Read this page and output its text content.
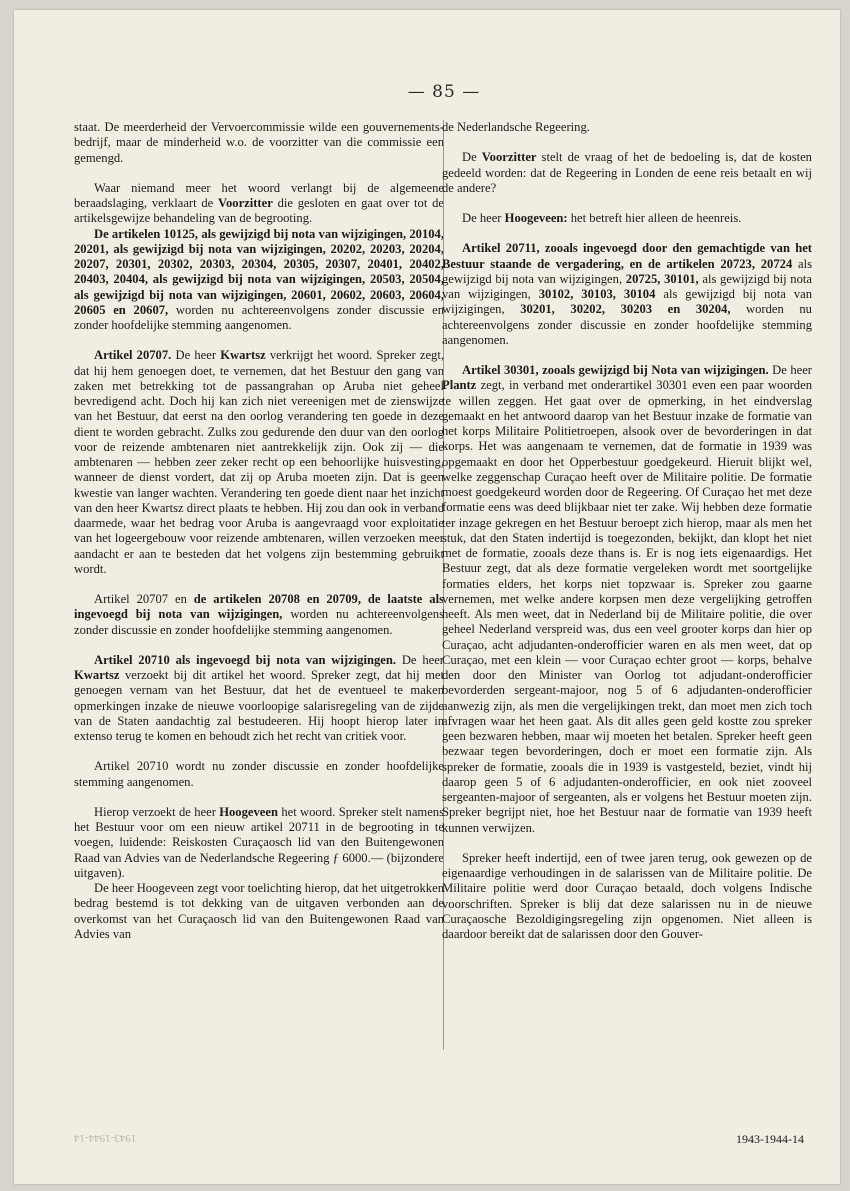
— 85 —

staat. De meerderheid der Vervoercommissie wilde een gouvernements-bedrijf, maar de minderheid w.o. de voorzitter van die commissie een gemengd.

Waar niemand meer het woord verlangt bij de algemeene beraadslaging, verklaart de Voorzitter die gesloten en gaat over tot de artikelsgewijze behandeling van de begrooting.

De artikelen 10125, als gewijzigd bij nota van wijzigingen, 20104, 20201, als gewijzigd bij nota van wijzigingen, 20202, 20203, 20204, 20207, 20301, 20302, 20303, 20304, 20305, 20307, 20401, 20402, 20403, 20404, als gewijzigd bij nota van wijzigingen, 20503, 20504, als gewijzigd bij nota van wijzigingen, 20601, 20602, 20603, 20604, 20605 en 20607, worden nu achtereenvolgens zonder discussie en zonder hoofdelijke stemming aangenomen.

Artikel 20707. De heer Kwartsz verkrijgt het woord. Spreker zegt, dat hij hem genoegen doet, te vernemen, dat het Bestuur den gang van zaken met betrekking tot de passangrahan op Aruba niet geheel bevredigend acht. Doch hij kan zich niet vereenigen met de zienswijze van het Bestuur, dat eerst na den oorlog verandering ten goede in deze dient te worden gebracht. Zulks zou gedurende den duur van den oorlog voor de reizende ambtenaren niet aantrekkelijk zijn. Ook zij — die ambtenaren — hebben zeer zeker recht op een behoorlijke huisvesting, wanneer de dienst vordert, dat zij op Aruba moeten zijn. Dat is geen kwestie van langer wachten. Verandering ten goede dient naar het inzicht van den heer Kwartsz direct plaats te hebben. Hij zou dan ook in verband daarmede, waar het bedrag voor Aruba is aangevraagd voor exploitatie van het logeergebouw voor reizende ambtenaren, willen verzoeken meer aandacht er aan te besteden dat het volgens zijn bestemming gebruikt wordt.

Artikel 20707 en de artikelen 20708 en 20709, de laatste als ingevoegd bij nota van wijzigingen, worden nu achtereenvolgens zonder discussie en zonder hoofdelijke stemming aangenomen.

Artikel 20710 als ingevoegd bij nota van wijzigingen. De heer Kwartsz verzoekt bij dit artikel het woord. Spreker zegt, dat hij met genoegen vernam van het Bestuur, dat het de eventueel te maken opmerkingen inzake de nieuwe voorloopige salarisregeling van de zijde van de Staten aandachtig zal bestudeeren. Hij hoopt hierop later in extenso terug te komen en behoudt zich het recht van critiek voor.

Artikel 20710 wordt nu zonder discussie en zonder hoofdelijke stemming aangenomen.

Hierop verzoekt de heer Hoogeveen het woord. Spreker stelt namens het Bestuur voor om een nieuw artikel 20711 in de begrooting in te voegen, luidende: Reiskosten Curaçaosch lid van den Buitengewonen Raad van Advies van de Nederlandsche Regeering ƒ 6000.— (bijzondere uitgaven).

De heer Hoogeveen zegt voor toelichting hierop, dat het uitgetrokken bedrag bestemd is tot dekking van de uitgaven verbonden aan de overkomst van het Curaçaosch lid van den Buitengewonen Raad van Advies van

de Nederlandsche Regeering.

De Voorzitter stelt de vraag of het de bedoeling is, dat de kosten gedeeld worden: dat de Regeering in Londen de eene reis betaalt en wij de andere?

De heer Hoogeveen: het betreft hier alleen de heenreis.

Artikel 20711, zooals ingevoegd door den gemachtigde van het Bestuur staande de vergadering, en de artikelen 20723, 20724 als gewijzigd bij nota van wijzigingen, 20725, 30101, als gewijzigd bij nota van wijzigingen, 30102, 30103, 30104 als gewijzigd bij nota van wijzigingen, 30201, 30202, 30203 en 30204, worden nu achtereenvolgens zonder discussie en zonder hoofdelijke stemming aangenomen.

Artikel 30301, zooals gewijzigd bij Nota van wijzigingen. De heer Plantz zegt, in verband met onderartikel 30301 even een paar woorden te willen zeggen. Het gaat over de opmerking, in het eindverslag gemaakt en het antwoord daarop van het Bestuur inzake de formatie van het korps Militaire Politietroepen, alsook over de bevorderingen in dat korps. Het was aangenaam te vernemen, dat de formatie in 1939 was opgemaakt en door het Opperbestuur goedgekeurd. Hieruit blijkt wel, welke zeggenschap Curaçao heeft over de Militaire politie. De formatie moest goedgekeurd worden door de Regeering. Of Curaçao het met deze formatie eens was deed blijkbaar niet ter zake. Wij hebben deze formatie ter inzage gekregen en het Bestuur beroept zich hierop, maar als men het stuk, dat den Staten indertijd is toegezonden, bekijkt, dan klopt het niet met de formatie, zooals deze thans is. Er is nog iets eigenaardigs. Het Bestuur zegt, dat als deze formatie vergeleken wordt met soortgelijke formaties elders, het korps niet topzwaar is. Spreker zou gaarne vernemen, met welke andere korpsen men deze vergelijking getroffen heeft. Als men weet, dat in Nederland bij de Militaire politie, die over geheel Nederland verspreid was, dus een veel grooter korps dan hier op Curaçao, acht adjudanten-onderofficier waren en als men weet, dat op Curaçao, met een klein — voor Curaçao echter groot — korps, behalve den door den Minister van Oorlog tot adjudant-onderofficier bevorderden sergeant-majoor, nog 5 of 6 adjudanten-onderofficier aanwezig zijn, als men die vergelijkingen trekt, dan moet men zich toch afvragen waar het heen gaat. Als dit alles geen geld kostte zou spreker geen bezwaren hebben, maar wij moeten het betalen. Spreker heeft geen bezwaar tegen bevorderingen, doch er moet een formatie zijn. Als spreker de formatie, zooals die in 1939 is vastgesteld, beziet, vindt hij daarop geen 5 of 6 adjudanten-onderofficier, en ook niet zooveel sergeanten-majoor of sergeanten, als er volgens het Bestuur moeten zijn. Spreker begrijpt niet, hoe het Bestuur naar de formatie van 1939 heeft kunnen verwijzen.

Spreker heeft indertijd, een of twee jaren terug, ook gewezen op de eigenaardige verhoudingen in de salarissen van de Militaire politie. De Militaire politie werd door Curaçao betaald, doch volgens Indische voorschriften. Spreker is blij dat deze salarissen nu in de nieuwe Curaçaosche Bezoldigingsregeling zijn opgenomen. Niet alleen is daardoor bereikt dat de salarissen door den Gouver-

1943-1944-14	1943-1944-14
